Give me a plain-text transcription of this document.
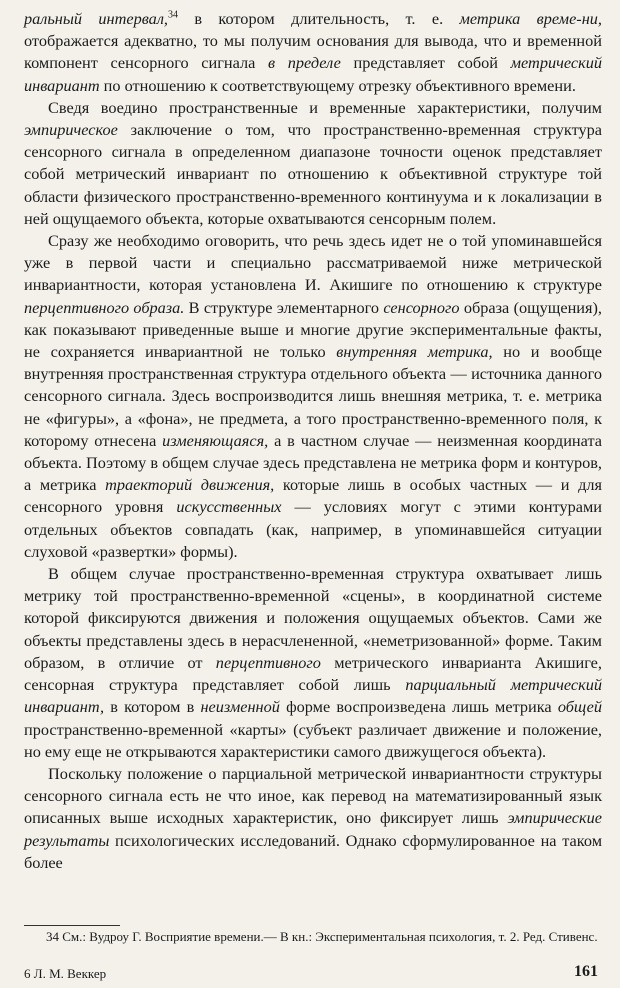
ральный интервал,$^{34}$ в котором длительность, т. е. метрика време-ни, отображается адекватно, то мы получим основания для вывода, что и временной компонент сенсорного сигнала в пределе представляет собой метрический инвариант по отношению к соответствующему отрезку объективного времени.

Сведя воедино пространственные и временные характеристики, получим эмпирическое заключение о том, что пространственно-временная структура сенсорного сигнала в определенном диапазоне точности оценок представляет собой метрический инвариант по отношению к объективной структуре той области физического пространственно-временного континуума и к локализации в ней ощущаемого объекта, которые охватываются сенсорным полем.

Сразу же необходимо оговорить, что речь здесь идет не о той упоминавшейся уже в первой части и специально рассматриваемой ниже метрической инвариантности, которая установлена И. Акишиге по отношению к структуре перцептивного образа. В структуре элементарного сенсорного образа (ощущения), как показывают приведенные выше и многие другие экспериментальные факты, не сохраняется инвариантной не только внутренняя метрика, но и вообще внутренняя пространственная структура отдельного объекта — источника данного сенсорного сигнала. Здесь воспроизводится лишь внешняя метрика, т. е. метрика не «фигуры», а «фона», не предмета, а того пространственно-временного поля, к которому отнесена изменяющаяся, а в частном случае — неизменная координата объекта. Поэтому в общем случае здесь представлена не метрика форм и контуров, а метрика траекторий движения, которые лишь в особых частных — и для сенсорного уровня искусственных — условиях могут с этими контурами отдельных объектов совпадать (как, например, в упоминавшейся ситуации слуховой «развертки» формы).

В общем случае пространственно-временная структура охватывает лишь метрику той пространственно-временной «сцены», в координатной системе которой фиксируются движения и положения ощущаемых объектов. Сами же объекты представлены здесь в нерасчлененной, «неметризованной» форме. Таким образом, в отличие от перцептивного метрического инварианта Акишиге, сенсорная структура представляет собой лишь парциальный метрический инвариант, в котором в неизменной форме воспроизведена лишь метрика общей пространственно-временной «карты» (субъект различает движение и положение, но ему еще не открываются характеристики самого движущегося объекта).

Поскольку положение о парциальной метрической инвариантности структуры сенсорного сигнала есть не что иное, как перевод на математизированный язык описанных выше исходных характеристик, оно фиксирует лишь эмпирические результаты психологических исследований. Однако сформулированное на таком более

34 См.: Вудроу Г. Восприятие времени.— В кн.: Экспериментальная психология, т. 2. Ред. Стивенс.
6 Л. М. Веккер	161
